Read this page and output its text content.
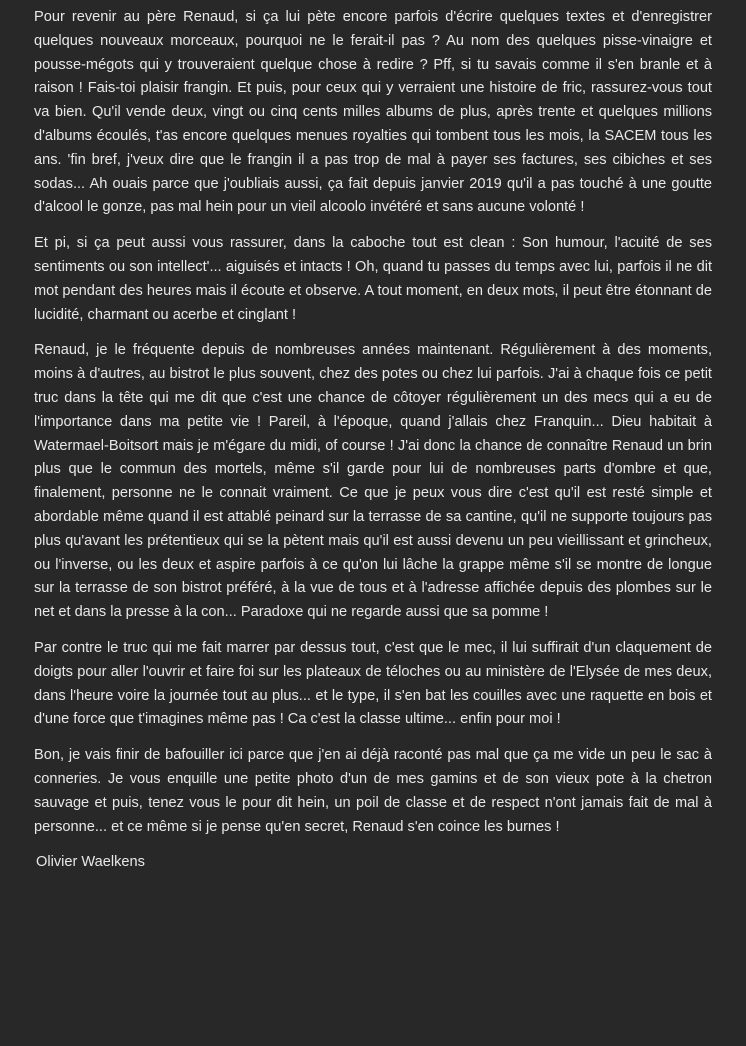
Pour revenir au père Renaud, si ça lui pète encore parfois d'écrire quelques textes et d'enregistrer quelques nouveaux morceaux, pourquoi ne le ferait-il pas ? Au nom des quelques pisse-vinaigre et pousse-mégots qui y trouveraient quelque chose à redire ? Pff, si tu savais comme il s'en branle et à raison ! Fais-toi plaisir frangin. Et puis, pour ceux qui y verraient une histoire de fric, rassurez-vous tout va bien. Qu'il vende deux, vingt ou cinq cents milles albums de plus, après trente et quelques millions d'albums écoulés, t'as encore quelques menues royalties qui tombent tous les mois, la SACEM tous les ans. 'fin bref, j'veux dire que le frangin il a pas trop de mal à payer ses factures, ses cibiches et ses sodas... Ah ouais parce que j'oubliais aussi, ça fait depuis janvier 2019 qu'il a pas touché à une goutte d'alcool le gonze, pas mal hein pour un vieil alcoolo invétéré et sans aucune volonté !

Et pi, si ça peut aussi vous rassurer, dans la caboche tout est clean : Son humour, l'acuité de ses sentiments ou son intellect'... aiguisés et intacts ! Oh, quand tu passes du temps avec lui, parfois il ne dit mot pendant des heures mais il écoute et observe. A tout moment, en deux mots, il peut être étonnant de lucidité, charmant ou acerbe et cinglant !

Renaud, je le fréquente depuis de nombreuses années maintenant. Régulièrement à des moments, moins à d'autres, au bistrot le plus souvent, chez des potes ou chez lui parfois. J'ai à chaque fois ce petit truc dans la tête qui me dit que c'est une chance de côtoyer régulièrement un des mecs qui a eu de l'importance dans ma petite vie ! Pareil, à l'époque, quand j'allais chez Franquin... Dieu habitait à Watermael-Boitsort mais je m'égare du midi, of course ! J'ai donc la chance de connaître Renaud un brin plus que le commun des mortels, même s'il garde pour lui de nombreuses parts d'ombre et que, finalement, personne ne le connait vraiment. Ce que je peux vous dire c'est qu'il est resté simple et abordable même quand il est attablé peinard sur la terrasse de sa cantine, qu'il ne supporte toujours pas plus qu'avant les prétentieux qui se la pètent mais qu'il est aussi devenu un peu vieillissant et grincheux, ou l'inverse, ou les deux et aspire parfois à ce qu'on lui lâche la grappe même s'il se montre de longue sur la terrasse de son bistrot préféré, à la vue de tous et à l'adresse affichée depuis des plombes sur le net et dans la presse à la con... Paradoxe qui ne regarde aussi que sa pomme !

Par contre le truc qui me fait marrer par dessus tout, c'est que le mec, il lui suffirait d'un claquement de doigts pour aller l'ouvrir et faire foi sur les plateaux de téloches ou au ministère de l'Elysée de mes deux, dans l'heure voire la journée tout au plus... et le type, il s'en bat les couilles avec une raquette en bois et d'une force que t'imagines même pas ! Ca c'est la classe ultime... enfin pour moi !

Bon, je vais finir de bafouiller ici parce que j'en ai déjà raconté pas mal que ça me vide un peu le sac à conneries. Je vous enquille une petite photo d'un de mes gamins et de son vieux pote à la chetron sauvage et puis, tenez vous le pour dit hein, un poil de classe et de respect n'ont jamais fait de mal à personne... et ce même si je pense qu'en secret, Renaud s'en coince les burnes !

Olivier Waelkens
